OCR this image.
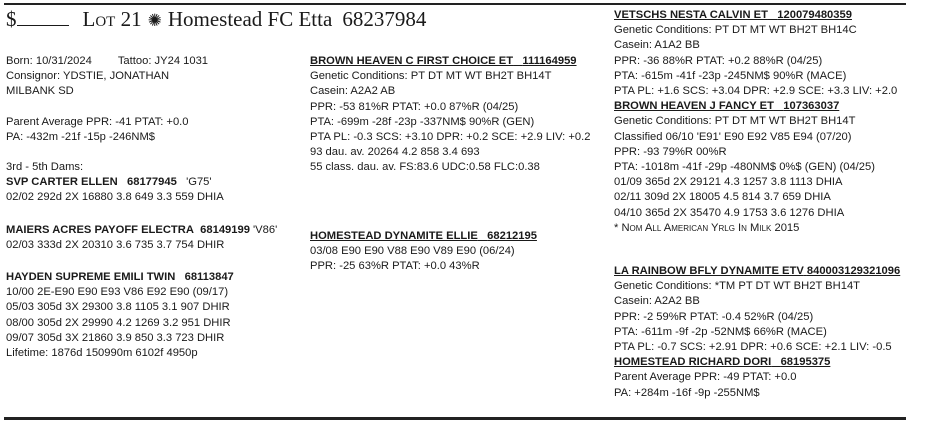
$	Lot 21 ✺ Homestead FC Etta 68237984
Born: 10/31/2024 Tattoo: JY24 1031
Consignor: YDSTIE, JONATHAN
MILBANK SD
Parent Average PPR: -41 PTAT: +0.0
PA: -432m -21f -15p -246NM$
3rd - 5th Dams:
SVP CARTER ELLEN 68177945 'G75'
02/02 292d 2X 16880 3.8 649 3.3 559 DHIA
MAIERS ACRES PAYOFF ELECTRA 68149199 'V86'
02/03 333d 2X 20310 3.6 735 3.7 754 DHIR
HAYDEN SUPREME EMILI TWIN 68113847
10/00 2E-E90 E90 E93 V86 E92 E90 (09/17)
05/03 305d 3X 29300 3.8 1105 3.1 907 DHIR
08/00 305d 2X 29990 4.2 1269 3.2 951 DHIR
09/07 305d 3X 21860 3.9 850 3.3 723 DHIR
Lifetime: 1876d 150990m 6102f 4950p
BROWN HEAVEN C FIRST CHOICE ET 111164959
Genetic Conditions: PT DT MT WT BH2T BH14T
Casein: A2A2 AB
PPR: -53 81%R PTAT: +0.0 87%R (04/25)
PTA: -699m -28f -23p -337NM$ 90%R (GEN)
PTA PL: -0.3 SCS: +3.10 DPR: +0.2 SCE: +2.9 LIV: +0.2
93 dau. av. 20264 4.2 858 3.4 693
55 class. dau. av. FS:83.6 UDC:0.58 FLC:0.38
HOMESTEAD DYNAMITE ELLIE 68212195
03/08 E90 E90 V88 E90 V89 E90 (06/24)
PPR: -25 63%R PTAT: +0.0 43%R
VETSCHS NESTA CALVIN ET 120079480359
Genetic Conditions: PT DT MT WT BH2T BH14C
Casein: A1A2 BB
PPR: -36 88%R PTAT: +0.2 88%R (04/25)
PTA: -615m -41f -23p -245NM$ 90%R (MACE)
PTA PL: +1.6 SCS: +3.04 DPR: +2.9 SCE: +3.3 LIV: +2.0
BROWN HEAVEN J FANCY ET 107363037
Genetic Conditions: PT DT MT WT BH2T BH14T
Classified 06/10 'E91' E90 E92 V85 E94 (07/20)
PPR: -93 79%R 00%R
PTA: -1018m -41f -29p -480NM$ 0%$ (GEN) (04/25)
01/09 365d 2X 29121 4.3 1257 3.8 1113 DHIA
02/11 309d 2X 18005 4.5 814 3.7 659 DHIA
04/10 365d 2X 35470 4.9 1753 3.6 1276 DHIA
* Nom All American Yrlg In Milk 2015
LA RAINBOW BFLY DYNAMITE ETV 840003129321096
Genetic Conditions: *TM PT DT WT BH2T BH14T
Casein: A2A2 BB
PPR: -2 59%R PTAT: -0.4 52%R (04/25)
PTA: -611m -9f -2p -52NM$ 66%R (MACE)
PTA PL: -0.7 SCS: +2.91 DPR: +0.6 SCE: +2.1 LIV: -0.5
HOMESTEAD RICHARD DORI 68195375
Parent Average PPR: -49 PTAT: +0.0
PA: +284m -16f -9p -255NM$
